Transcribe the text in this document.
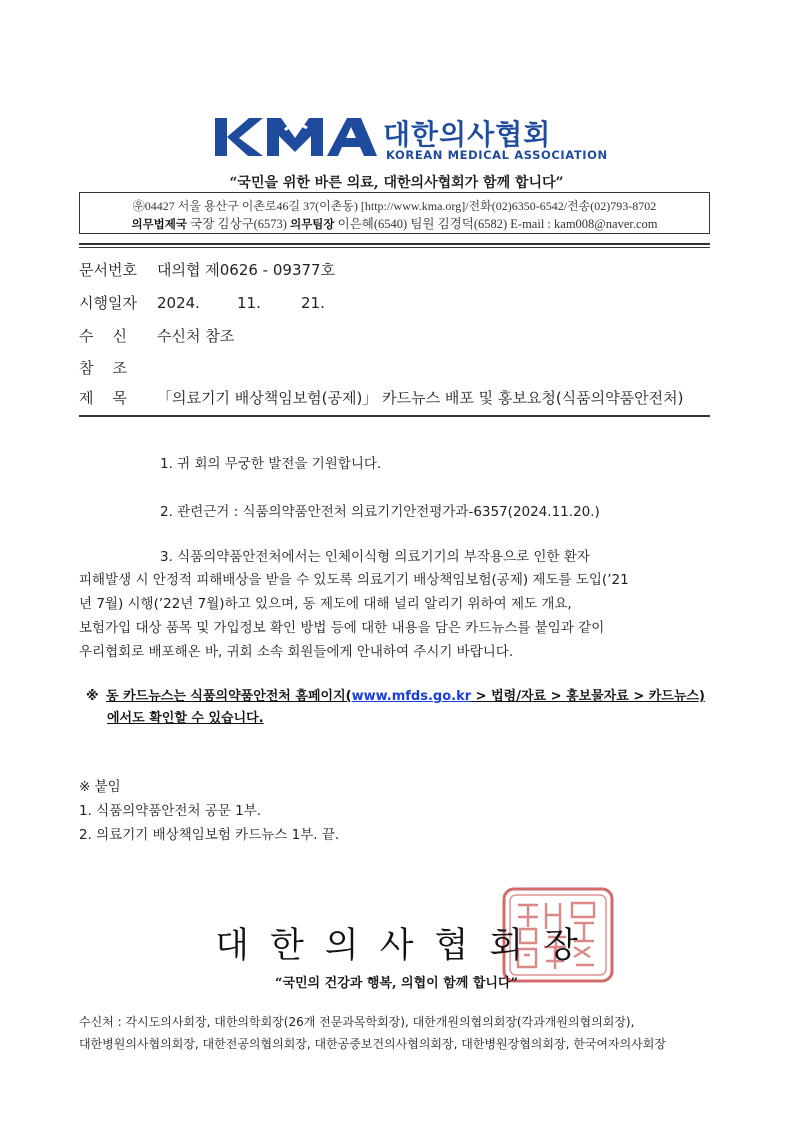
대한의사협회
KOREAN MEDICAL ASSOCIATION
“국민을 위한 바른 의료, 대한의사협회가 함께 합니다”
㉾04427 서울 용산구 이촌로46길 37(이촌동) [http://www.kma.org]/전화(02)6350-6542/전송(02)793-8702
의무법제국 국장 김상구(6573) 의무팀장 이은혜(6540) 팀원 김경덕(6582) E-mail : kam008@naver.com
문서번호 대의협 제0626 - 09377호
시행일자 2024. 11.	21.
수    신 수신처 참조
참    조
제    목 「의료기기 배상책임보험(공제)」 카드뉴스 배포 및 홍보요청(식품의약품안전처)
1. 귀 회의 무궁한 발전을 기원합니다.
2. 관련근거 : 식품의약품안전처 의료기기안전평가과-6357(2024.11.20.)
3. 식품의약품안전처에서는 인체이식형 의료기기의 부작용으로 인한 환자
피해발생 시 안정적 피해배상을 받을 수 있도록 의료기기 배상책임보험(공제) 제도를 도입(’21
년 7월) 시행(’22년 7월)하고 있으며, 동 제도에 대해 널리 알리기 위하여 제도 개요,
보험가입 대상 품목 및 가입정보 확인 방법 등에 대한 내용을 담은 카드뉴스를 붙임과 같이
우리협회로 배포해온 바, 귀회 소속 회원들에게 안내하여 주시기 바랍니다.
※ 동 카드뉴스는 식품의약품안전처 홈페이지(www.mfds.go.kr > 법령/자료 > 홍보물자료 > 카드뉴스)
에서도 확인할 수 있습니다.
※ 붙임
1. 식품의약품안전처 공문 1부.
2. 의료기기 배상책임보험 카드뉴스 1부. 끝.
대한의사협회장
“국민의 건강과 행복, 의협이 함께 합니다”
수신처 : 각시도의사회장, 대한의학회장(26개 전문과목학회장), 대한개원의협의회장(각과개원의협의회장),
대한병원의사협의회장, 대한전공의협의회장, 대한공중보건의사협의회장, 대한병원장협의회장, 한국여자의사회장
